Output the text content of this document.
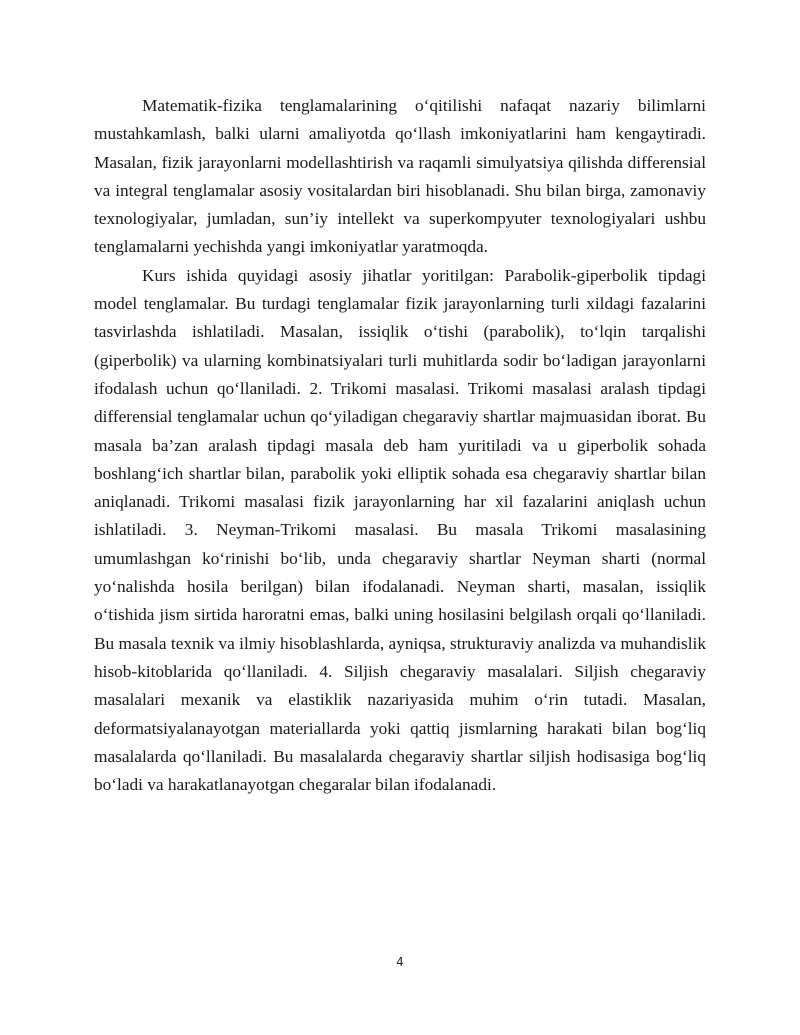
Matematik-fizika tenglamalarining o‘qitilishi nafaqat nazariy bilimlarni mustahkamlash, balki ularni amaliyotda qo‘llash imkoniyatlarini ham kengaytiradi. Masalan, fizik jarayonlarni modellashtirish va raqamli simulyatsiya qilishda differensial va integral tenglamalar asosiy vositalardan biri hisoblanadi. Shu bilan birga, zamonaviy texnologiyalar, jumladan, sun’iy intellekt va superkompyuter texnologiyalari ushbu tenglamalarni yechishda yangi imkoniyatlar yaratmoqda.

Kurs ishida quyidagi asosiy jihatlar yoritilgan: Parabolik-giperbolik tipdagi model tenglamalar. Bu turdagi tenglamalar fizik jarayonlarning turli xildagi fazalarini tasvirlashda ishlatiladi. Masalan, issiqlik o‘tishi (parabolik), to‘lqin tarqalishi (giperbolik) va ularning kombinatsiyalari turli muhitlarda sodir bo‘ladigan jarayonlarni ifodalash uchun qo‘llaniladi. 2. Trikomi masalasi. Trikomi masalasi aralash tipdagi differensial tenglamalar uchun qo‘yiladigan chegaraviy shartlar majmuasidan iborat. Bu masala ba’zan aralash tipdagi masala deb ham yuritiladi va u giperbolik sohada boshlang‘ich shartlar bilan, parabolik yoki elliptik sohada esa chegaraviy shartlar bilan aniqlanadi. Trikomi masalasi fizik jarayonlarning har xil fazalarini aniqlash uchun ishlatiladi. 3. Neyman-Trikomi masalasi. Bu masala Trikomi masalasining umumlashgan ko‘rinishi bo‘lib, unda chegaraviy shartlar Neyman sharti (normal yo‘nalishda hosila berilgan) bilan ifodalanadi. Neyman sharti, masalan, issiqlik o‘tishida jism sirtida haroratni emas, balki uning hosilasini belgilash orqali qo‘llaniladi. Bu masala texnik va ilmiy hisoblashlarda, ayniqsa, strukturaviy analizda va muhandislik hisob-kitoblarida qo‘llaniladi. 4. Siljish chegaraviy masalalari. Siljish chegaraviy masalalari mexanik va elastiklik nazariyasida muhim o‘rin tutadi. Masalan, deformatsiyalanayotgan materiallarda yoki qattiq jismlarning harakati bilan bog‘liq masalalarda qo‘llaniladi. Bu masalalarda chegaraviy shartlar siljish hodisasiga bog‘liq bo‘ladi va harakatlanayotgan chegaralar bilan ifodalanadi.

4
